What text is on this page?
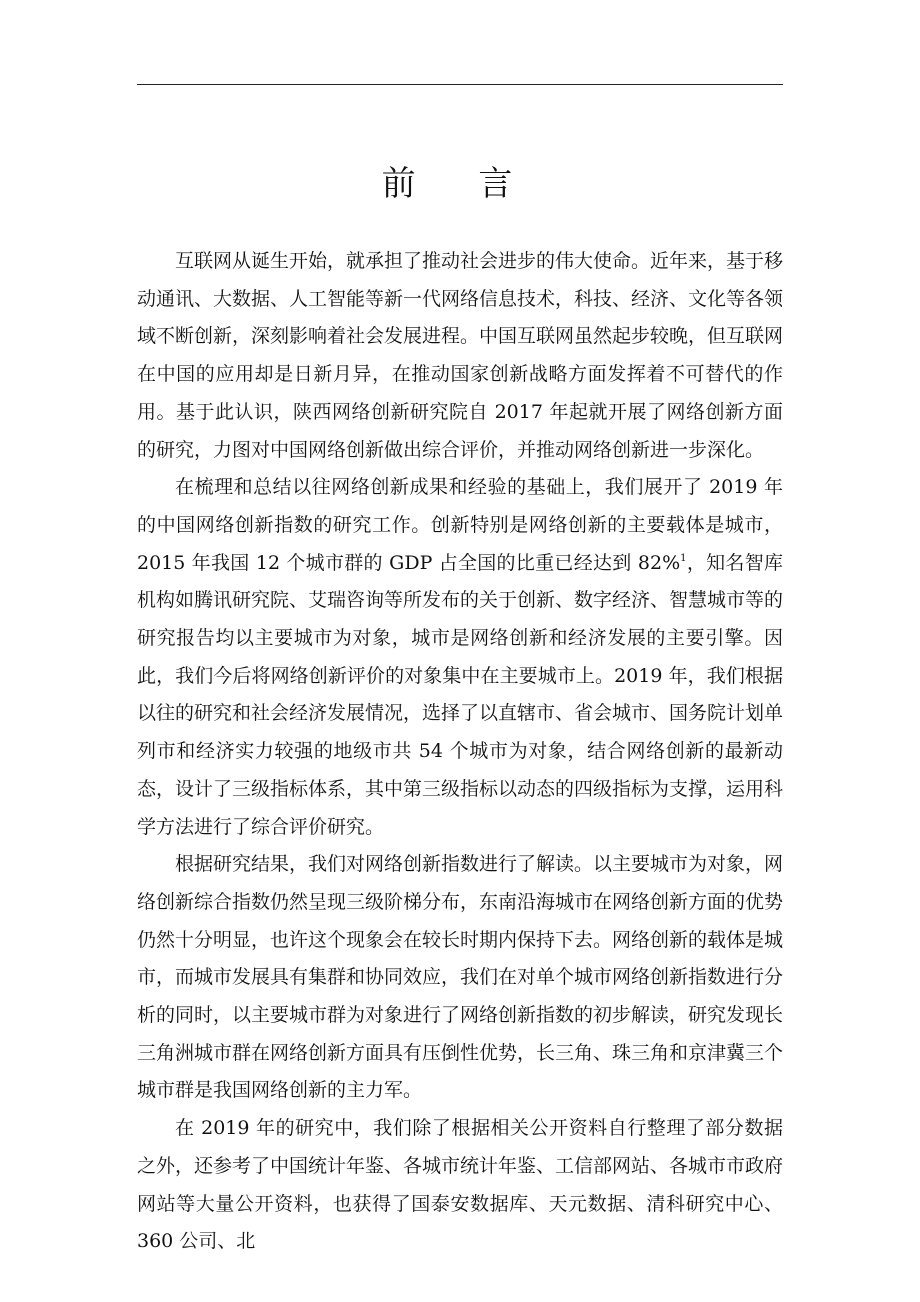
前 言

互联网从诞生开始，就承担了推动社会进步的伟大使命。近年来，基于移动通讯、大数据、人工智能等新一代网络信息技术，科技、经济、文化等各领域不断创新，深刻影响着社会发展进程。中国互联网虽然起步较晚，但互联网在中国的应用却是日新月异，在推动国家创新战略方面发挥着不可替代的作用。基于此认识，陕西网络创新研究院自 2017 年起就开展了网络创新方面的研究，力图对中国网络创新做出综合评价，并推动网络创新进一步深化。

在梳理和总结以往网络创新成果和经验的基础上，我们展开了 2019 年的中国网络创新指数的研究工作。创新特别是网络创新的主要载体是城市，2015 年我国 12 个城市群的 GDP 占全国的比重已经达到 82%$^1$，知名智库机构如腾讯研究院、艾瑞咨询等所发布的关于创新、数字经济、智慧城市等的研究报告均以主要城市为对象，城市是网络创新和经济发展的主要引擎。因此，我们今后将网络创新评价的对象集中在主要城市上。2019 年，我们根据以往的研究和社会经济发展情况，选择了以直辖市、省会城市、国务院计划单列市和经济实力较强的地级市共 54 个城市为对象，结合网络创新的最新动态，设计了三级指标体系，其中第三级指标以动态的四级指标为支撑，运用科学方法进行了综合评价研究。

根据研究结果，我们对网络创新指数进行了解读。以主要城市为对象，网络创新综合指数仍然呈现三级阶梯分布，东南沿海城市在网络创新方面的优势仍然十分明显，也许这个现象会在较长时期内保持下去。网络创新的载体是城市，而城市发展具有集群和协同效应，我们在对单个城市网络创新指数进行分析的同时，以主要城市群为对象进行了网络创新指数的初步解读，研究发现长三角洲城市群在网络创新方面具有压倒性优势，长三角、珠三角和京津冀三个城市群是我国网络创新的主力军。

在 2019 年的研究中，我们除了根据相关公开资料自行整理了部分数据之外，还参考了中国统计年鉴、各城市统计年鉴、工信部网站、各城市市政府网站等大量公开资料，也获得了国泰安数据库、天元数据、清科研究中心、360 公司、北
